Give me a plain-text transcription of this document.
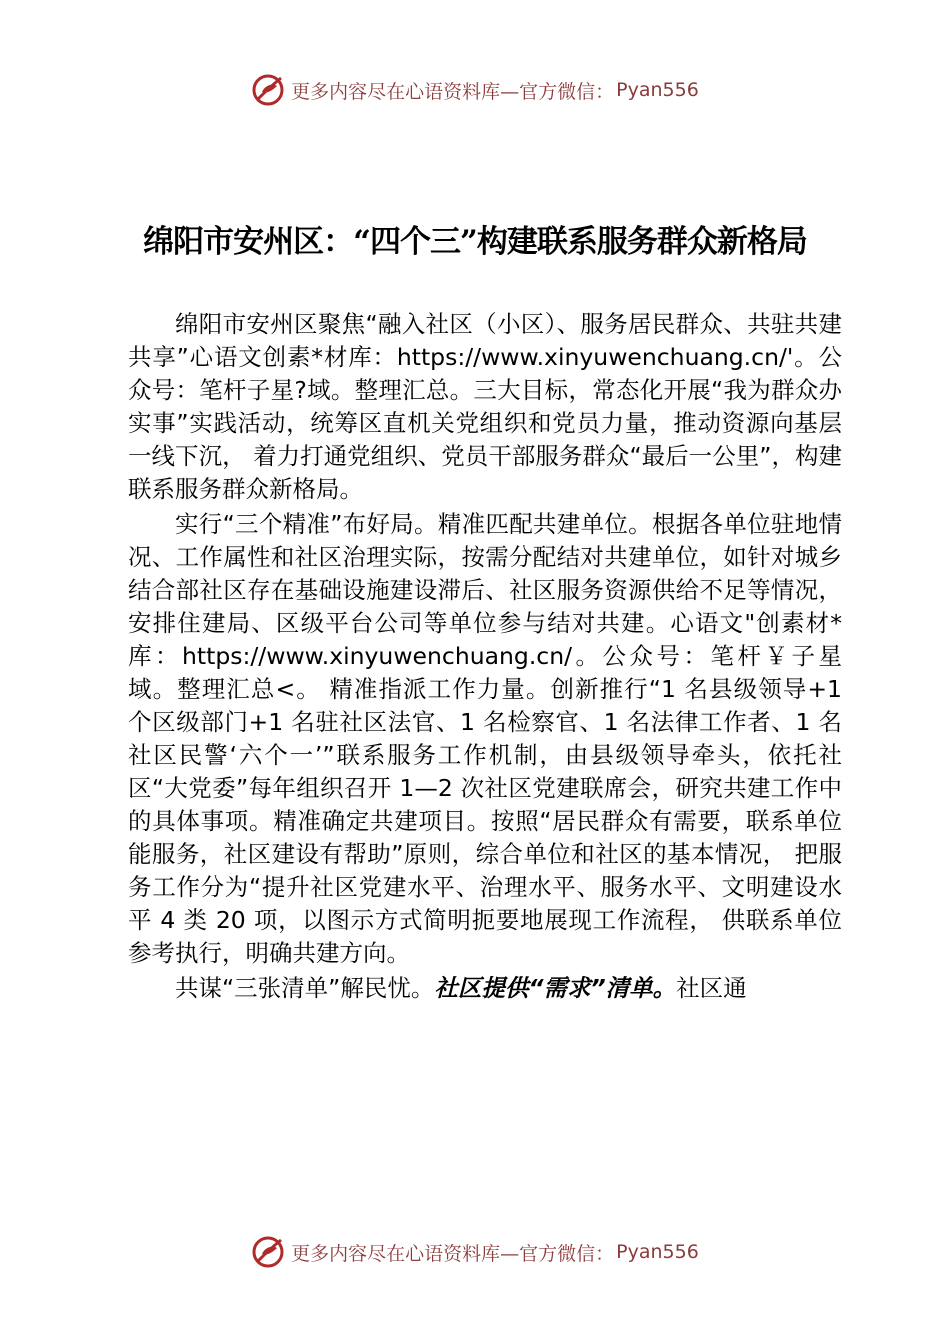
更多内容尽在心语资料库—官方微信： Pyan556
绵阳市安州区：“四个三”构建联系服务群众新格局

绵阳市安州区聚焦“融入社区（小区）、服务居民群众、共驻共建共享”心语文创素*材库：https://www.xinyuwenchuang.cn/'。公众号：笔杆子星?域。整理汇总。三大目标，常态化开展“我为群众办实事”实践活动，统筹区直机关党组织和党员力量，推动资源向基层一线下沉， 着力打通党组织、党员干部服务群众“最后一公里”，构建联系服务群众新格局。

实行“三个精准”布好局。精准匹配共建单位。根据各单位驻地情况、工作属性和社区治理实际，按需分配结对共建单位，如针对城乡结合部社区存在基础设施建设滞后、社区服务资源供给不足等情况，安排住建局、区级平台公司等单位参与结对共建。心语文"创素材*库：https://www.xinyuwenchuang.cn/。公众号：笔杆￥子星域。整理汇总<。 精准指派工作力量。创新推行“1 名县级领导+1 个区级部门+1 名驻社区法官、1 名检察官、1 名法律工作者、1 名社区民警‘六个一’”联系服务工作机制，由县级领导牵头，依托社区“大党委”每年组织召开 1—2 次社区党建联席会，研究共建工作中的具体事项。精准确定共建项目。按照“居民群众有需要，联系单位能服务，社区建设有帮助”原则，综合单位和社区的基本情况， 把服务工作分为“提升社区党建水平、治理水平、服务水平、文明建设水平 4 类 20 项，以图示方式简明扼要地展现工作流程， 供联系单位参考执行，明确共建方向。

共谋“三张清单”解民忧。社区提供“需求”清单。社区通

更多内容尽在心语资料库—官方微信： Pyan556
